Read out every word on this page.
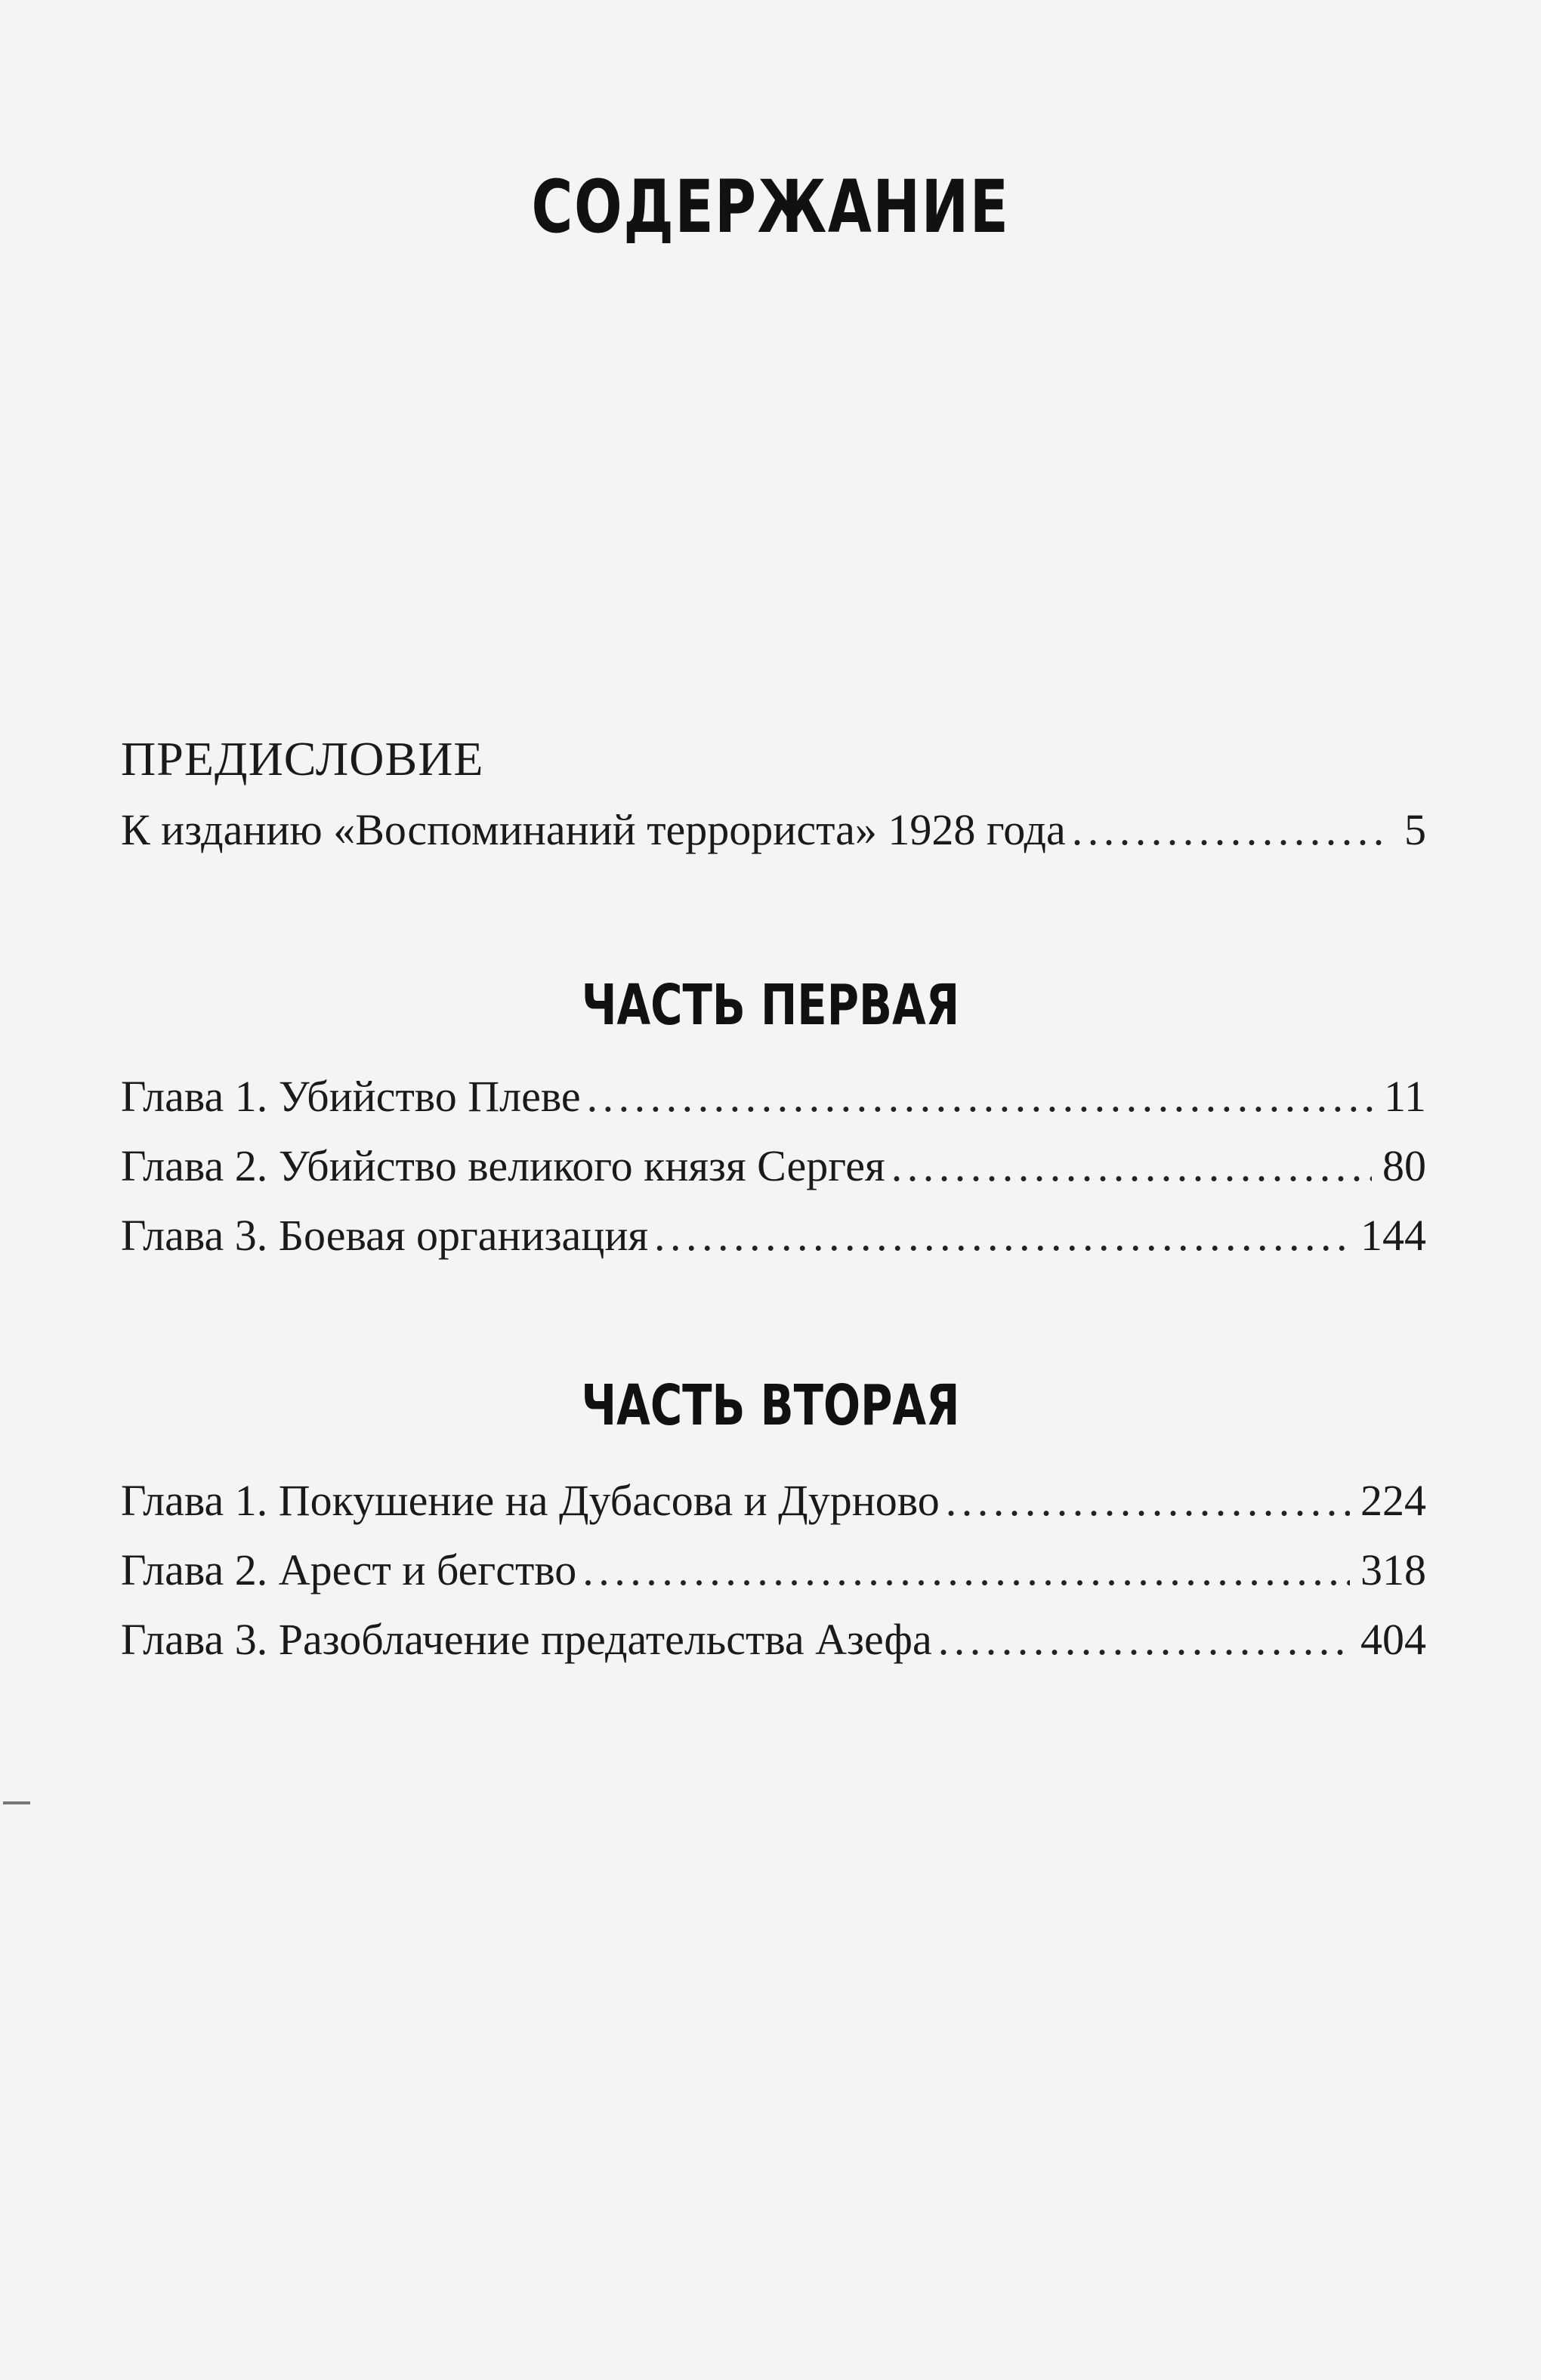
СОДЕРЖАНИЕ
ПРЕДИСЛОВИЕ
К изданию «Воспоминаний террориста» 1928 года . . .	5
ЧАСТЬ ПЕРВАЯ
Глава 1. Убийство Плеве . . .	11
Глава 2. Убийство великого князя Сергея . . .	80
Глава 3. Боевая организация . . .	144
ЧАСТЬ ВТОРАЯ
Глава 1. Покушение на Дубасова и Дурново . . .	224
Глава 2. Арест и бегство . . .	318
Глава 3. Разоблачение предательства Азефа . . .	404
